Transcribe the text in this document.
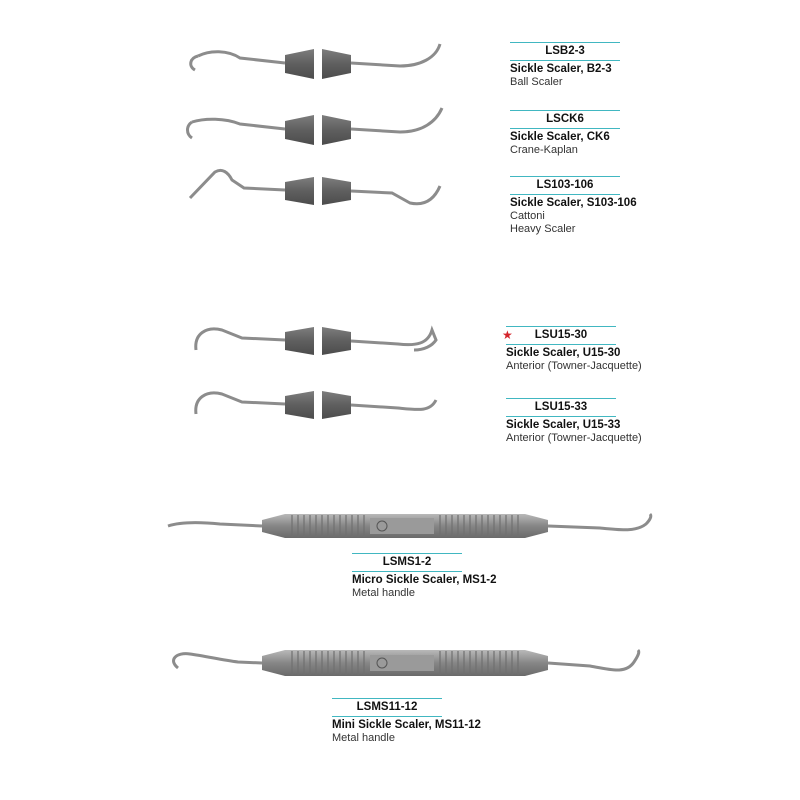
LSB2-3
Sickle Scaler, B2-3
Ball Scaler
LSCK6
Sickle Scaler, CK6
Crane-Kaplan
LS103-106
Sickle Scaler, S103-106
Cattoni
Heavy Scaler
★ LSU15-30
Sickle Scaler, U15-30
Anterior (Towner-Jacquette)
LSU15-33
Sickle Scaler, U15-33
Anterior (Towner-Jacquette)
LSMS1-2
Micro Sickle Scaler, MS1-2
Metal handle
LSMS11-12
Mini Sickle Scaler, MS11-12
Metal handle
